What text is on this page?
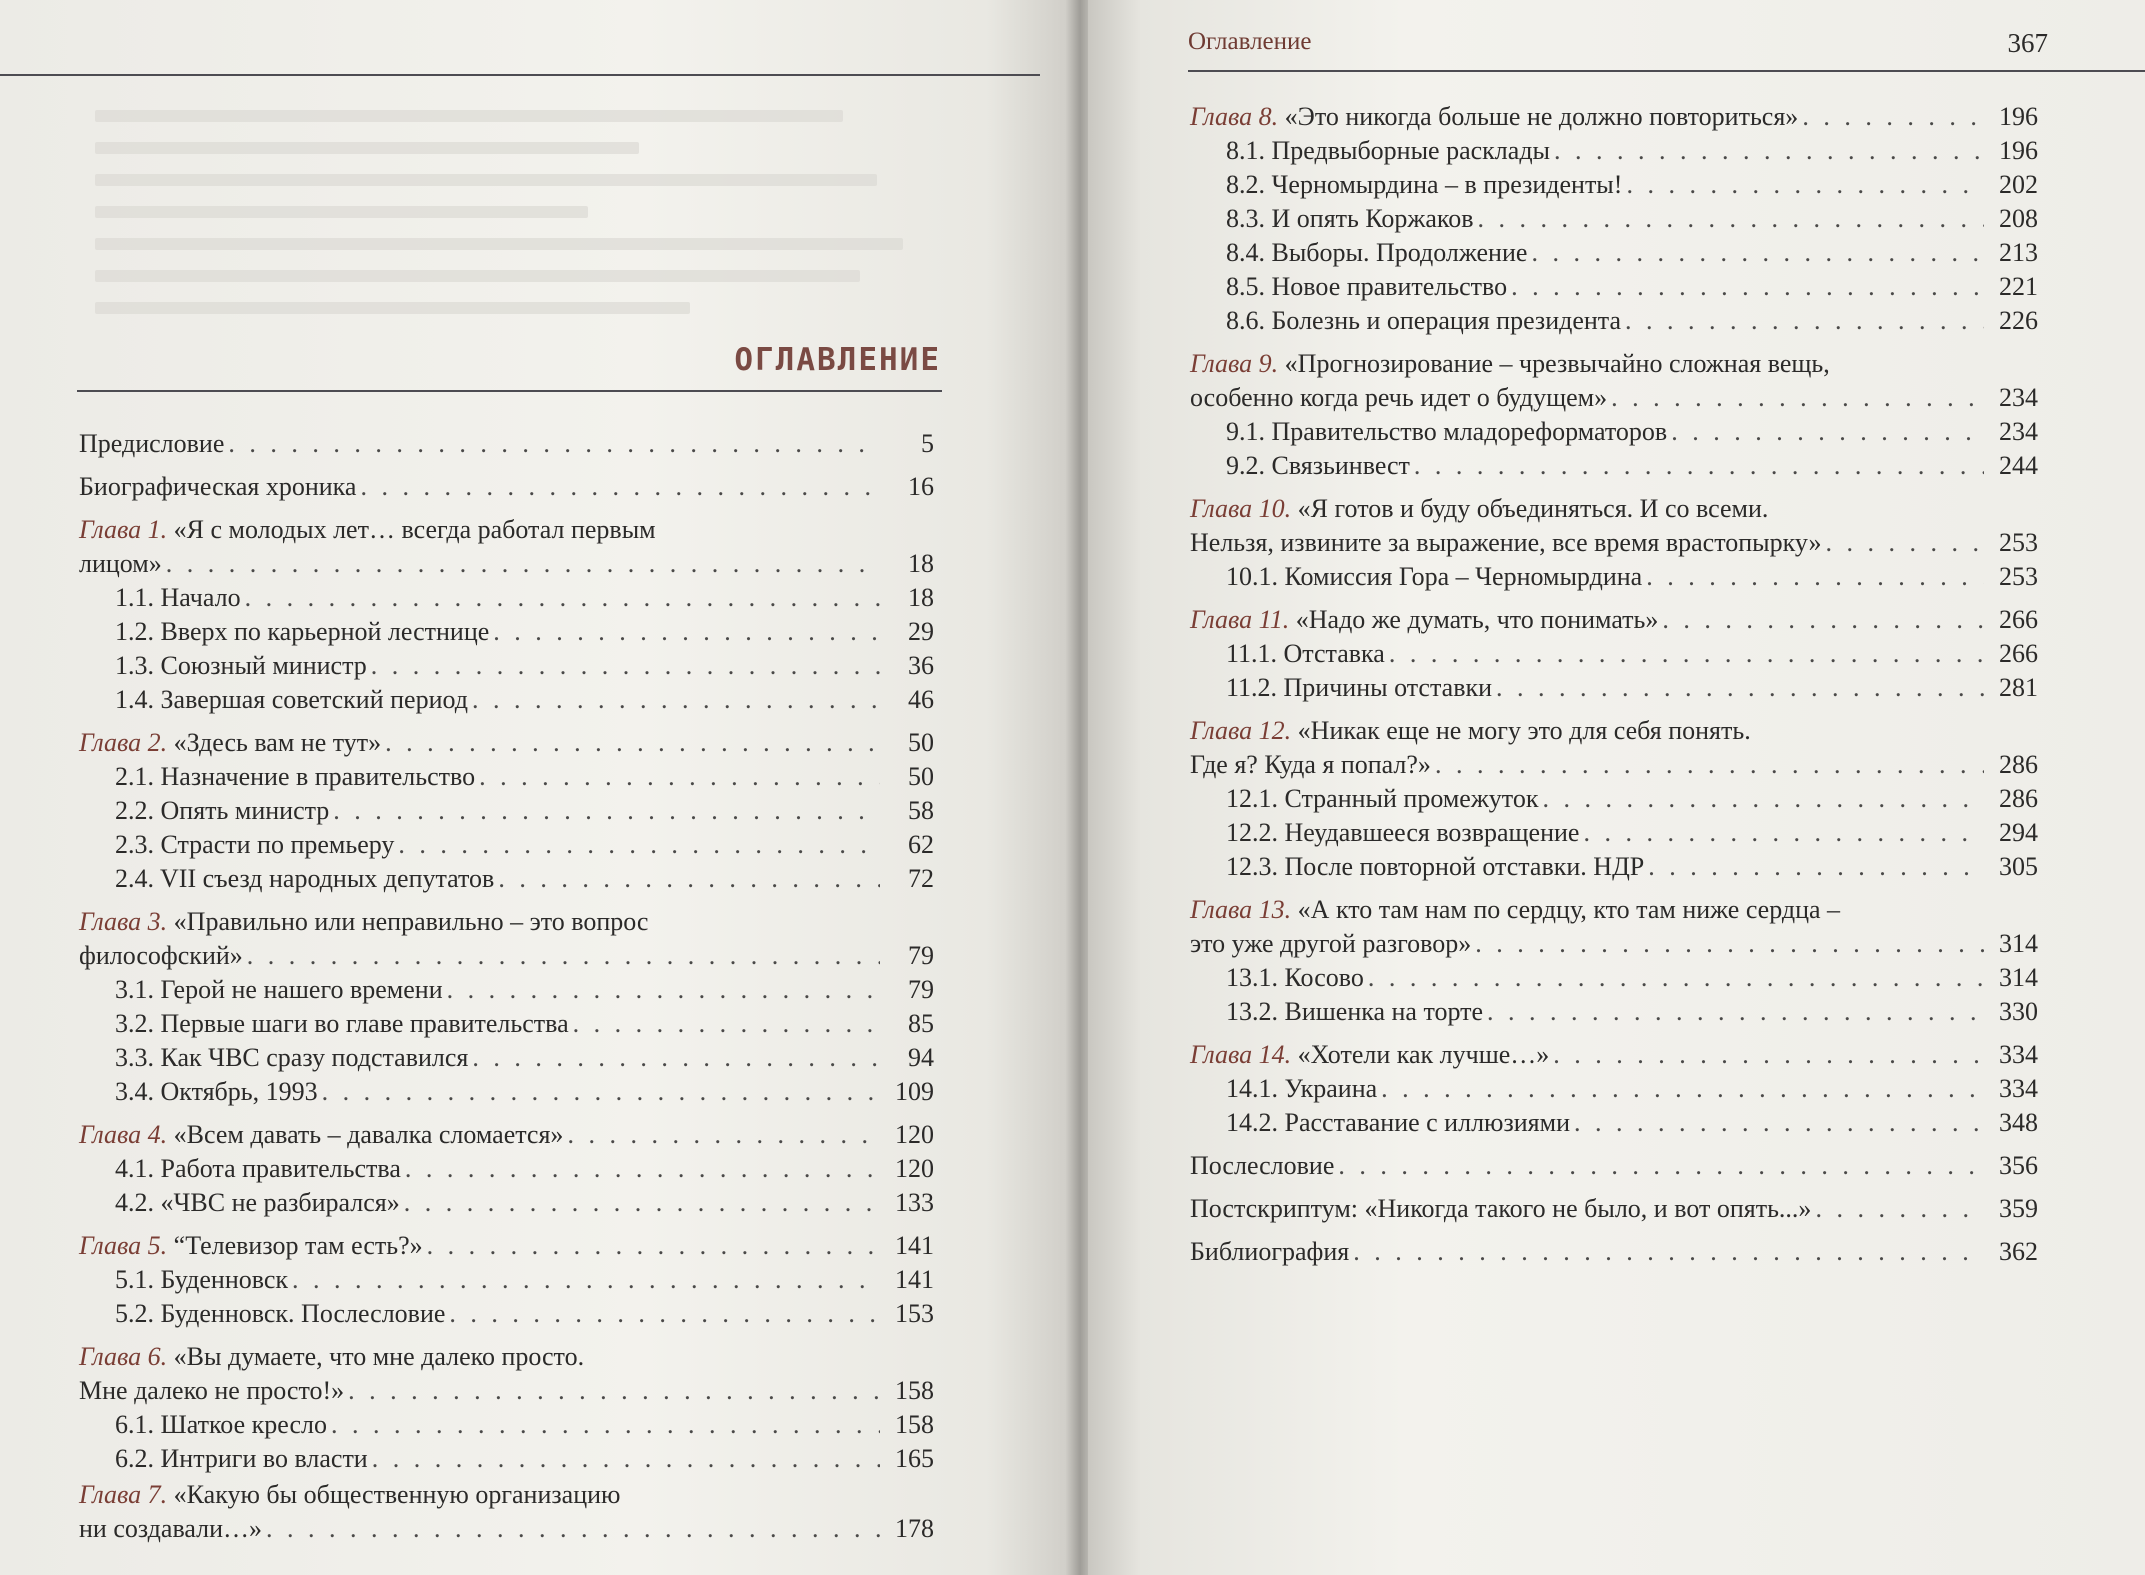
ОГЛАВЛЕНИЕ
Оглавление	367
Предисловие . . .	5
Биографическая хроника . . .	16
Глава 1. «Я с молодых лет… всегда работал первым
лицом» . . .	18
1.1. Начало . . .	18
1.2. Вверх по карьерной лестнице . . .	29
1.3. Союзный министр . . .	36
1.4. Завершая советский период . . .	46
Глава 2. «Здесь вам не тут» . . .	50
2.1. Назначение в правительство . . .	50
2.2. Опять министр . . .	58
2.3. Страсти по премьеру . . .	62
2.4. VII съезд народных депутатов . . .	72
Глава 3. «Правильно или неправильно – это вопрос
философский» . . .	79
3.1. Герой не нашего времени . . .	79
3.2. Первые шаги во главе правительства . . .	85
3.3. Как ЧВС сразу подставился . . .	94
3.4. Октябрь, 1993 . . .	109
Глава 4. «Всем давать – давалка сломается» . . .	120
4.1. Работа правительства . . .	120
4.2. «ЧВС не разбирался» . . .	133
Глава 5. “Телевизор там есть?» . . .	141
5.1. Буденновск . . .	141
5.2. Буденновск. Послесловие . . .	153
Глава 6. «Вы думаете, что мне далеко просто.
Мне далеко не просто!» . . .	158
6.1. Шаткое кресло . . .	158
6.2. Интриги во власти . . .	165
Глава 7. «Какую бы общественную организацию
ни создавали…» . . .	178
Глава 8. «Это никогда больше не должно повториться» . . .	196
8.1. Предвыборные расклады . . .	196
8.2. Черномырдина – в президенты! . . .	202
8.3. И опять Коржаков . . .	208
8.4. Выборы. Продолжение . . .	213
8.5. Новое правительство . . .	221
8.6. Болезнь и операция президента . . .	226
Глава 9. «Прогнозирование – чрезвычайно сложная вещь,
особенно когда речь идет о будущем» . . .	234
9.1. Правительство младореформаторов . . .	234
9.2. Связьинвест . . .	244
Глава 10. «Я готов и буду объединяться. И со всеми.
Нельзя, извините за выражение, все время врастопырку» . . .	253
10.1. Комиссия Гора – Черномырдина . . .	253
Глава 11. «Надо же думать, что понимать» . . .	266
11.1. Отставка . . .	266
11.2. Причины отставки . . .	281
Глава 12. «Никак еще не могу это для себя понять.
Где я? Куда я попал?» . . .	286
12.1. Странный промежуток . . .	286
12.2. Неудавшееся возвращение . . .	294
12.3. После повторной отставки. НДР . . .	305
Глава 13. «А кто там нам по сердцу, кто там ниже сердца –
это уже другой разговор» . . .	314
13.1. Косово . . .	314
13.2. Вишенка на торте . . .	330
Глава 14. «Хотели как лучше…» . . .	334
14.1. Украина . . .	334
14.2. Расставание с иллюзиями . . .	348
Послесловие . . .	356
Постскриптум: «Никогда такого не было, и вот опять...» . . .	359
Библиография . . .	362
